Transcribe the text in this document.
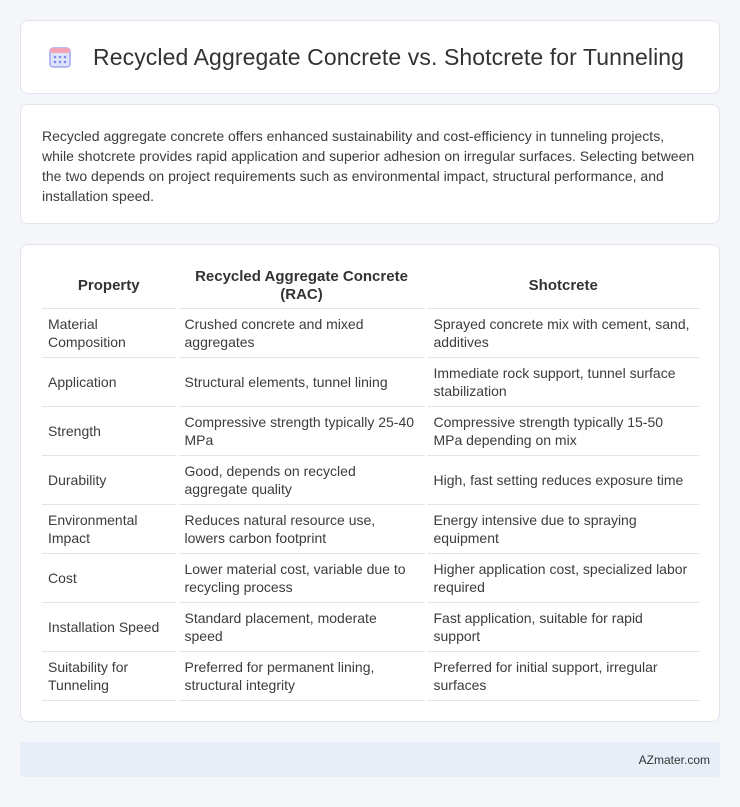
Recycled Aggregate Concrete vs. Shotcrete for Tunneling

Recycled aggregate concrete offers enhanced sustainability and cost-efficiency in tunneling projects, while shotcrete provides rapid application and superior adhesion on irregular surfaces. Selecting between the two depends on project requirements such as environmental impact, structural performance, and installation speed.

Property	Recycled Aggregate Concrete (RAC)	Shotcrete
Material Composition	Crushed concrete and mixed aggregates	Sprayed concrete mix with cement, sand, additives
Application	Structural elements, tunnel lining	Immediate rock support, tunnel surface stabilization
Strength	Compressive strength typically 25-40 MPa	Compressive strength typically 15-50 MPa depending on mix
Durability	Good, depends on recycled aggregate quality	High, fast setting reduces exposure time
Environmental Impact	Reduces natural resource use, lowers carbon footprint	Energy intensive due to spraying equipment
Cost	Lower material cost, variable due to recycling process	Higher application cost, specialized labor required
Installation Speed	Standard placement, moderate speed	Fast application, suitable for rapid support
Suitability for Tunneling	Preferred for permanent lining, structural integrity	Preferred for initial support, irregular surfaces
AZmater.com
